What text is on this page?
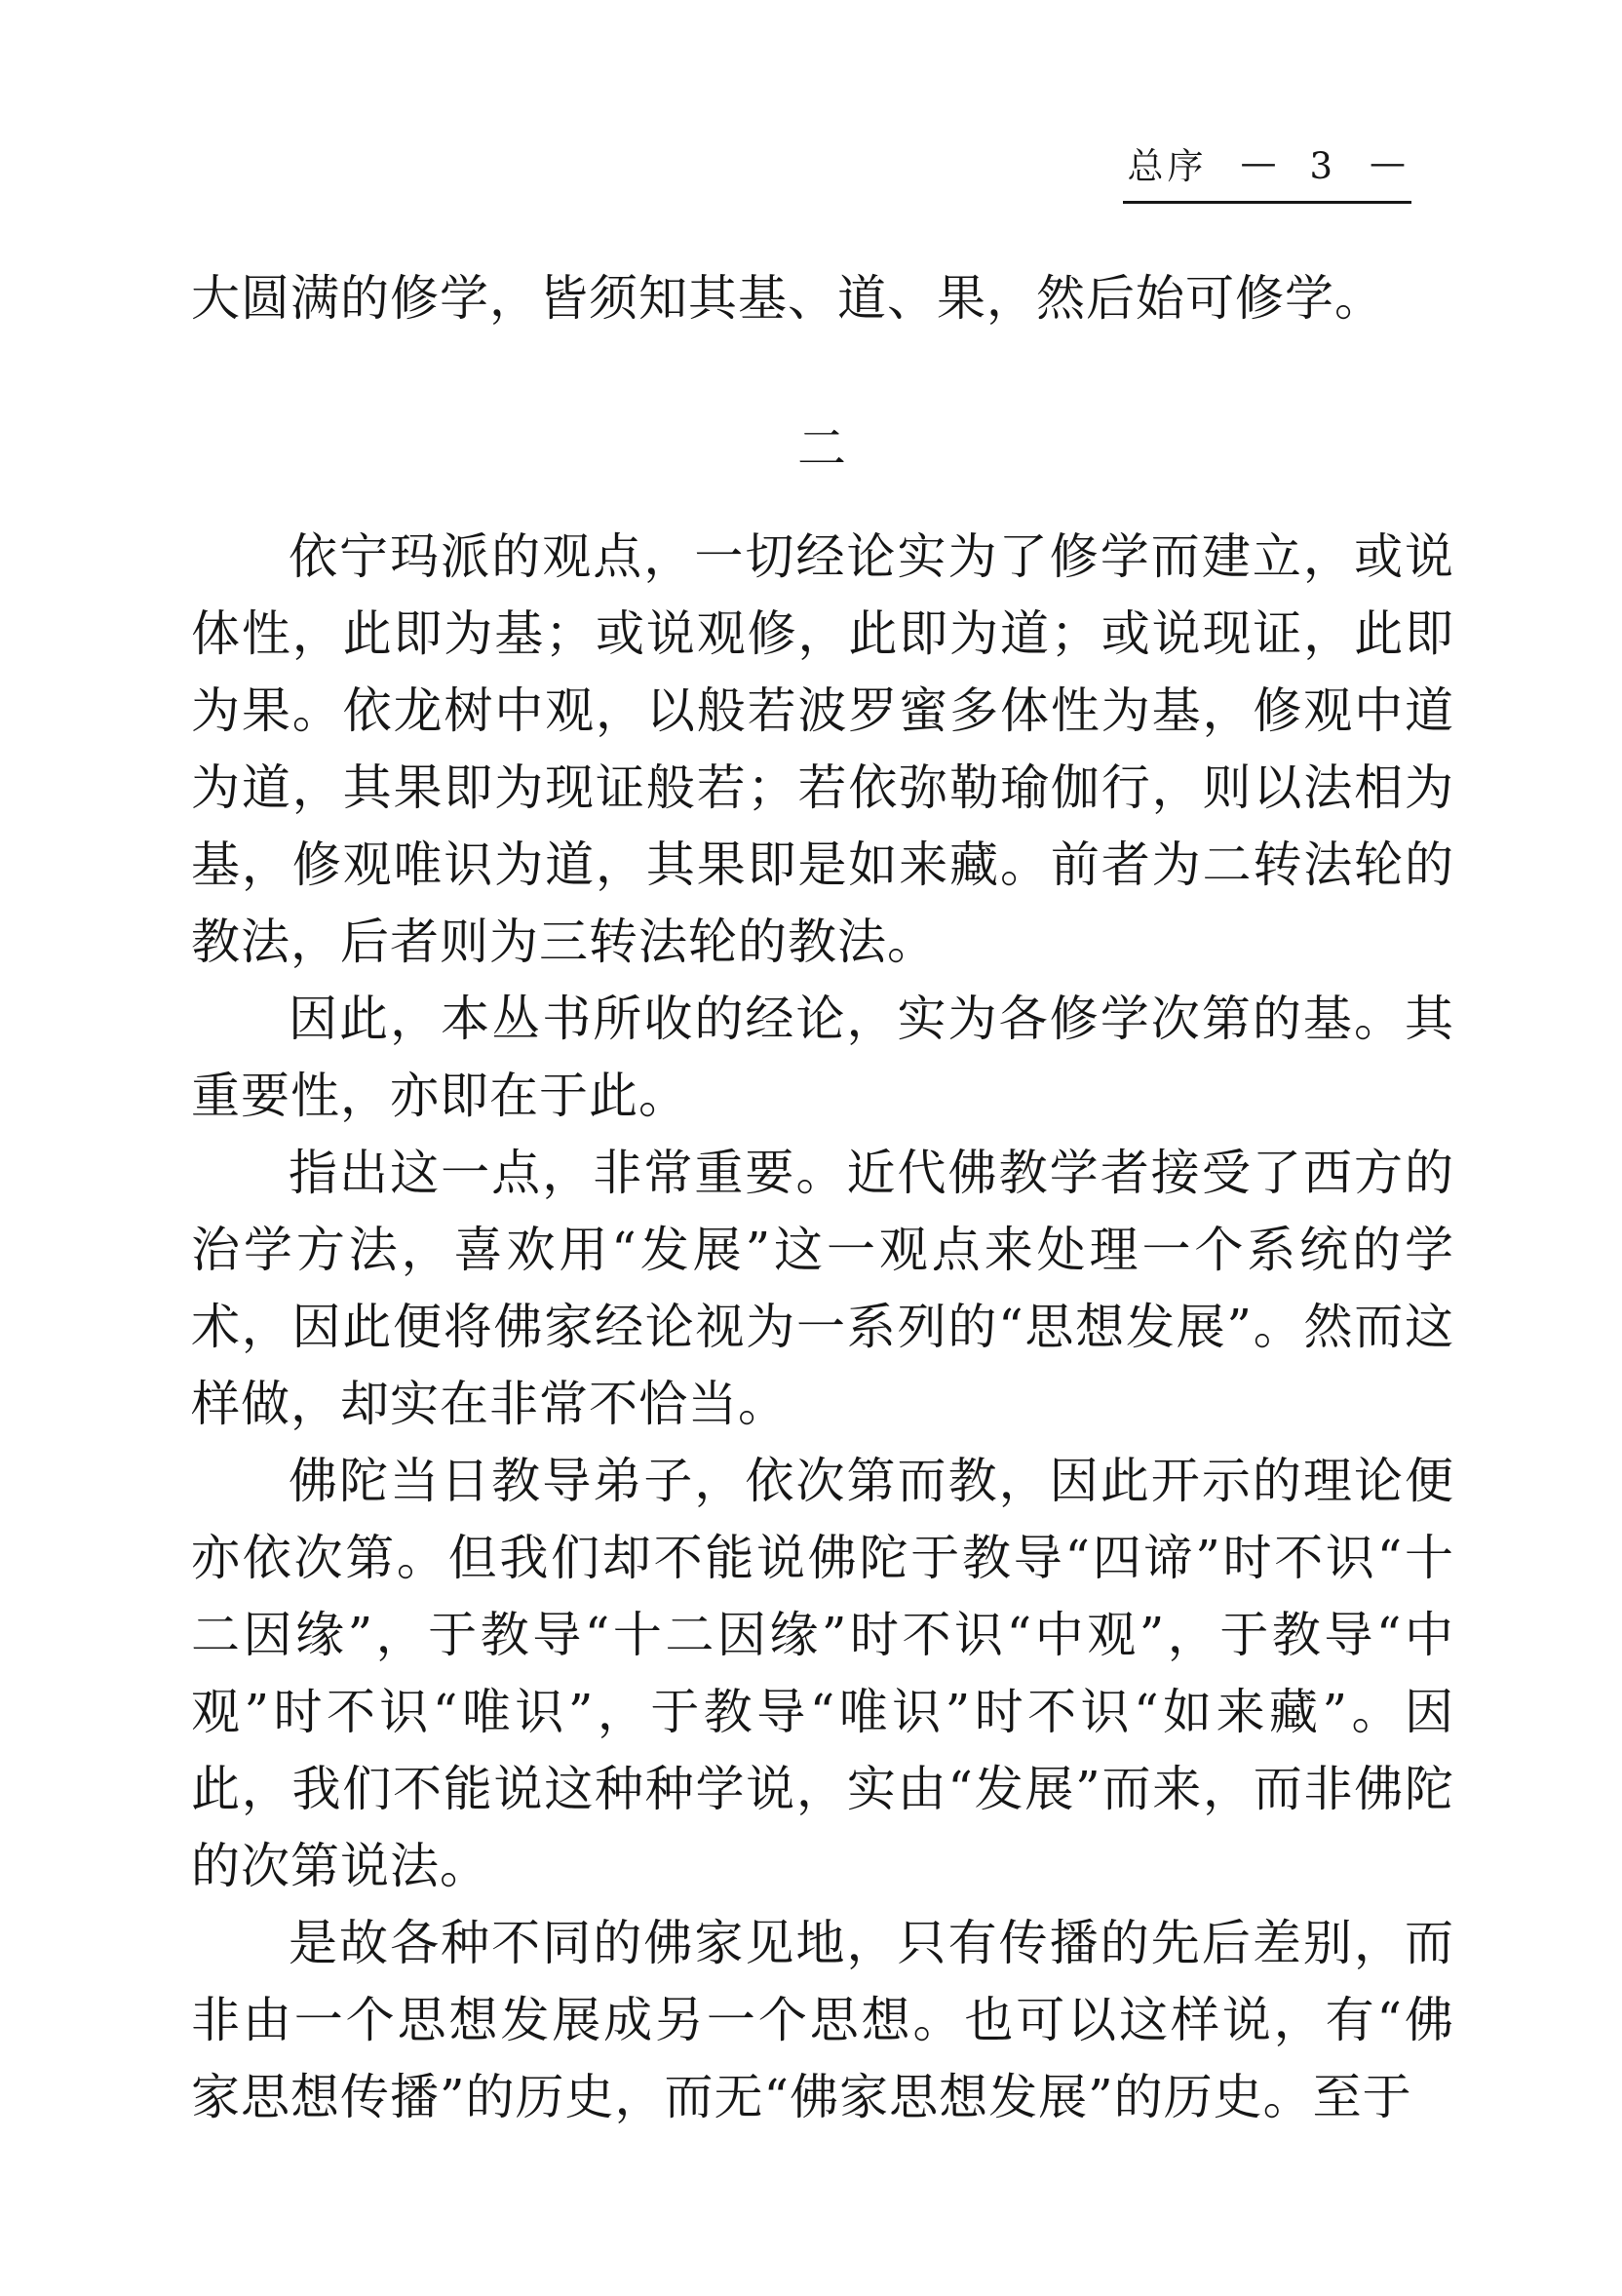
总序 — 3 —

大圆满的修学，皆须知其基、道、果，然后始可修学。

二

依宁玛派的观点，一切经论实为了修学而建立，或说体性，此即为基；或说观修，此即为道；或说现证，此即为果。依龙树中观，以般若波罗蜜多体性为基，修观中道为道，其果即为现证般若；若依弥勒瑜伽行，则以法相为基，修观唯识为道，其果即是如来藏。前者为二转法轮的教法，后者则为三转法轮的教法。

因此，本丛书所收的经论，实为各修学次第的基。其重要性，亦即在于此。

指出这一点，非常重要。近代佛教学者接受了西方的治学方法，喜欢用“发展”这一观点来处理一个系统的学术，因此便将佛家经论视为一系列的“思想发展”。然而这样做，却实在非常不恰当。

佛陀当日教导弟子，依次第而教，因此开示的理论便亦依次第。但我们却不能说佛陀于教导“四谛”时不识“十二因缘”，于教导“十二因缘”时不识“中观”，于教导“中观”时不识“唯识”，于教导“唯识”时不识“如来藏”。因此，我们不能说这种种学说，实由“发展”而来，而非佛陀的次第说法。

是故各种不同的佛家见地，只有传播的先后差别，而非由一个思想发展成另一个思想。也可以这样说，有“佛家思想传播”的历史，而无“佛家思想发展”的历史。至于
